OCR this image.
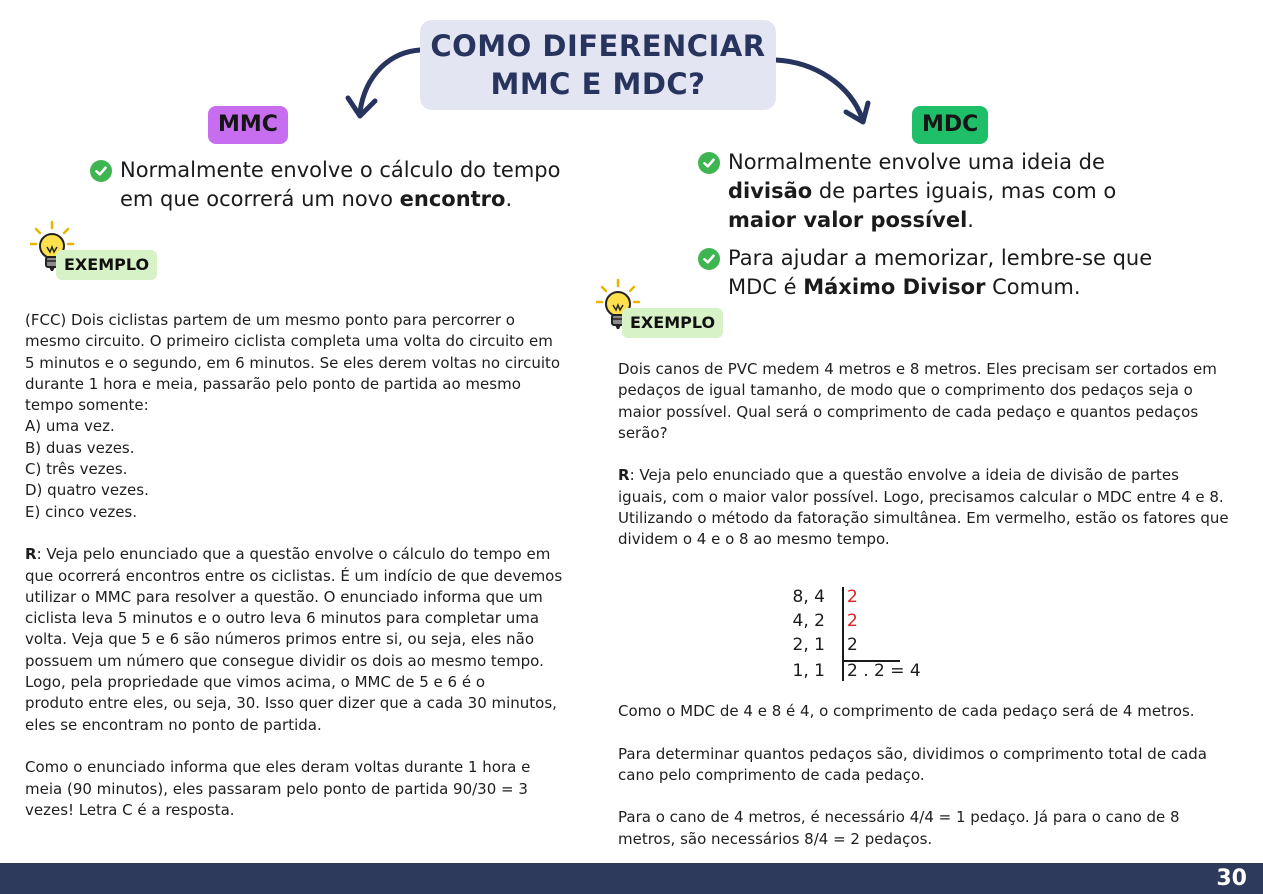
COMO DIFERENCIAR
MMC E MDC?
MMC
Normalmente envolve o cálculo do tempo em que ocorrerá um novo encontro.
EXEMPLO

(FCC) Dois ciclistas partem de um mesmo ponto para percorrer o
mesmo circuito. O primeiro ciclista completa uma volta do circuito em
5 minutos e o segundo, em 6 minutos. Se eles derem voltas no circuito
durante 1 hora e meia, passarão pelo ponto de partida ao mesmo
tempo somente:
A) uma vez.
B) duas vezes.
C) três vezes.
D) quatro vezes.
E) cinco vezes.

R: Veja pelo enunciado que a questão envolve o cálculo do tempo em
que ocorrerá encontros entre os ciclistas. É um indício de que devemos
utilizar o MMC para resolver a questão. O enunciado informa que um
ciclista leva 5 minutos e o outro leva 6 minutos para completar uma
volta. Veja que 5 e 6 são números primos entre si, ou seja, eles não
possuem um número que consegue dividir os dois ao mesmo tempo.
Logo, pela propriedade que vimos acima, o MMC de 5 e 6 é o
produto entre eles, ou seja, 30. Isso quer dizer que a cada 30 minutos,
eles se encontram no ponto de partida.

Como o enunciado informa que eles deram voltas durante 1 hora e
meia (90 minutos), eles passaram pelo ponto de partida 90/30 = 3
vezes! Letra C é a resposta.

MDC
Normalmente envolve uma ideia de
divisão de partes iguais, mas com o
maior valor possível.
Para ajudar a memorizar, lembre-se que
MDC é Máximo Divisor Comum.
EXEMPLO

Dois canos de PVC medem 4 metros e 8 metros. Eles precisam ser cortados em
pedaços de igual tamanho, de modo que o comprimento dos pedaços seja o
maior possível. Qual será o comprimento de cada pedaço e quantos pedaços
serão?

R: Veja pelo enunciado que a questão envolve a ideia de divisão de partes
iguais, com o maior valor possível. Logo, precisamos calcular o MDC entre 4 e 8.
Utilizando o método da fatoração simultânea. Em vermelho, estão os fatores que
dividem o 4 e o 8 ao mesmo tempo.

8, 4 2
4, 2 2
2, 1 2
1, 1 2 . 2 = 4

Como o MDC de 4 e 8 é 4, o comprimento de cada pedaço será de 4 metros.

Para determinar quantos pedaços são, dividimos o comprimento total de cada
cano pelo comprimento de cada pedaço.

Para o cano de 4 metros, é necessário 4/4 = 1 pedaço. Já para o cano de 8
metros, são necessários 8/4 = 2 pedaços.

30
